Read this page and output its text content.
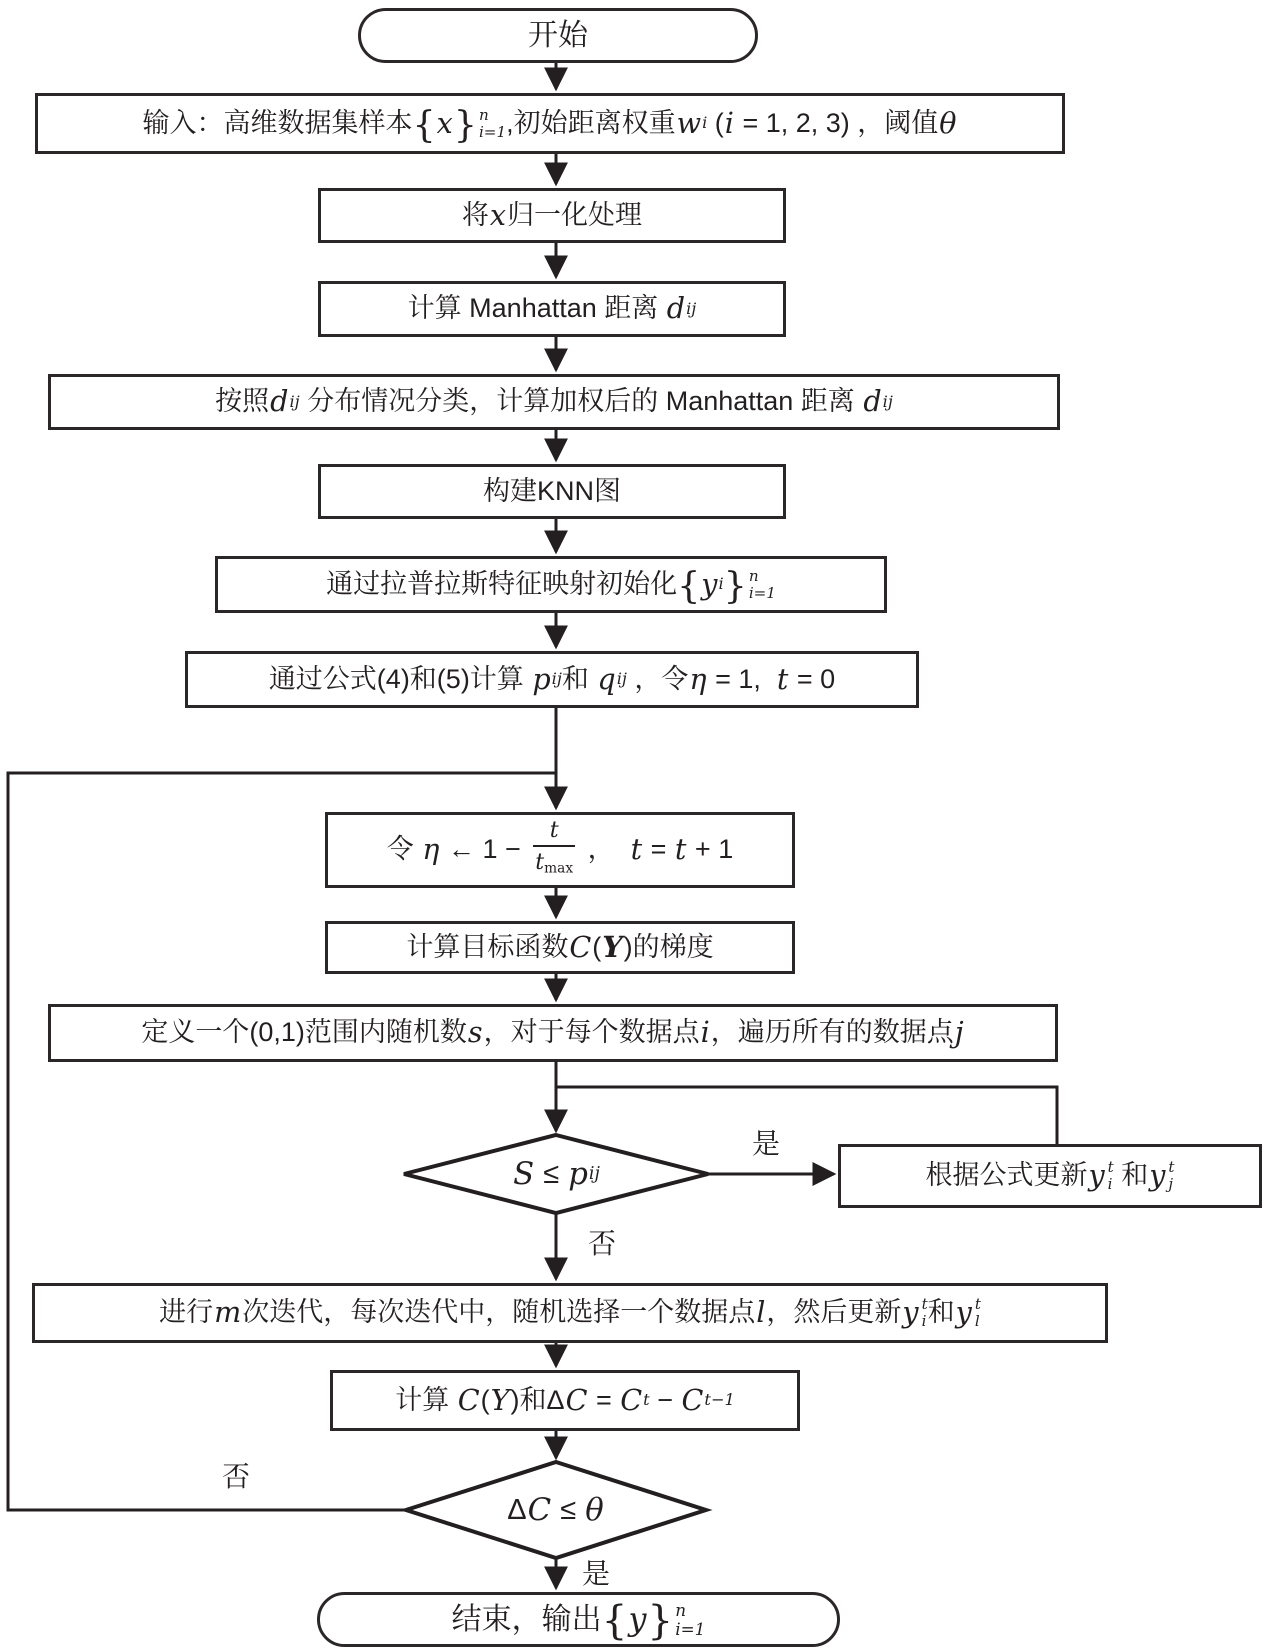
开始
输入：高维数据集样本 { x } n
i=1 ,初始距离权重 w i ( i = 1, 2, 3 ) ，阈值 θ
将 x 归一化处理
计算 Manhattan 距离 d ij
按照 d ij 分布情况分类，计算加权后的 Manhattan 距离 d ij
构建KNN图
通过拉普拉斯特征映射初始化 { y i } n
i=1
通过公式(4)和(5)计算 p ij 和 q ij ，令 η = 1, t = 0
令 η ← $1 - \frac{t}{tmax}$ ， t = t + 1
计算目标函数 C ( Y ) 的梯度
定义一个(0,1)范围内随机数 s ，对于每个数据点 i ，遍历所有的数据点 j
S ≤ p ij	根据公式更新 y t
i 和 y t
j
进行 m 次迭代，每次迭代中，随机选择一个数据点 l ，然后更新 y t
i 和 y t
l
计算 C ( Y ) 和Δ C = C t − C t−1
Δ C ≤ θ
结束，输出 { y } n
i=1
是
否
否
是
